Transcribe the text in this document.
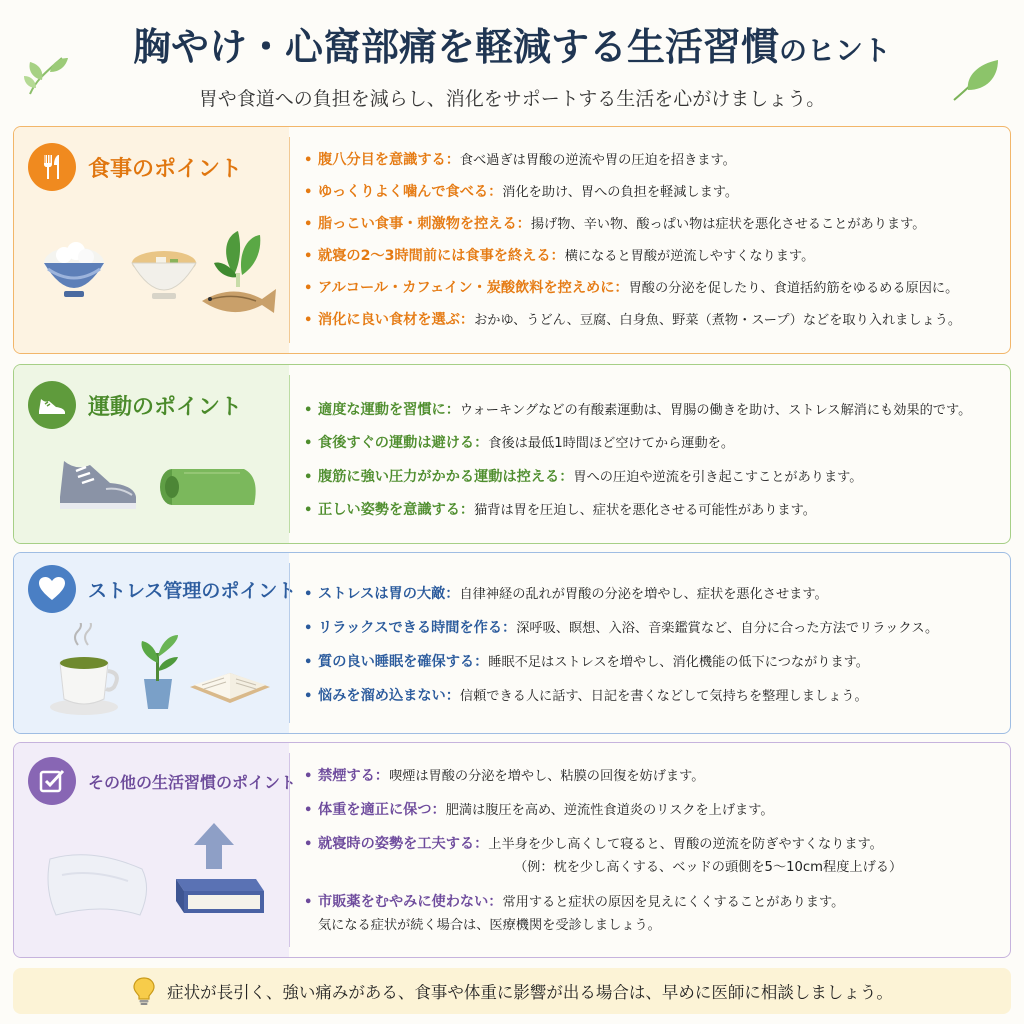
胸やけ・心窩部痛を軽減する生活習慣のヒント
胃や食道への負担を減らし、消化をサポートする生活を心がけましょう。
食事のポイント	• 腹八分目を意識する：食べ過ぎは胃酸の逆流や胃の圧迫を招きます。
• ゆっくりよく噛んで食べる：消化を助け、胃への負担を軽減します。
• 脂っこい食事・刺激物を控える：揚げ物、辛い物、酸っぱい物は症状を悪化させることがあります。
• 就寝の2〜3時間前には食事を終える：横になると胃酸が逆流しやすくなります。
• アルコール・カフェイン・炭酸飲料を控えめに：胃酸の分泌を促したり、食道括約筋をゆるめる原因に。
• 消化に良い食材を選ぶ：おかゆ、うどん、豆腐、白身魚、野菜（煮物・スープ）などを取り入れましょう。
運動のポイント	• 適度な運動を習慣に：ウォーキングなどの有酸素運動は、胃腸の働きを助け、ストレス解消にも効果的です。
• 食後すぐの運動は避ける：食後は最低1時間ほど空けてから運動を。
• 腹筋に強い圧力がかかる運動は控える：胃への圧迫や逆流を引き起こすことがあります。
• 正しい姿勢を意識する：猫背は胃を圧迫し、症状を悪化させる可能性があります。
ストレス管理のポイント • ストレスは胃の大敵：自律神経の乱れが胃酸の分泌を増やし、症状を悪化させます。
• リラックスできる時間を作る：深呼吸、瞑想、入浴、音楽鑑賞など、自分に合った方法でリラックス。
• 質の良い睡眠を確保する：睡眠不足はストレスを増やし、消化機能の低下につながります。
• 悩みを溜め込まない：信頼できる人に話す、日記を書くなどして気持ちを整理しましょう。
その他の生活習慣のポイント • 禁煙する：喫煙は胃酸の分泌を増やし、粘膜の回復を妨げます。
• 体重を適正に保つ：肥満は腹圧を高め、逆流性食道炎のリスクを上げます。
• 就寝時の姿勢を工夫する：上半身を少し高くして寝ると、胃酸の逆流を防ぎやすくなります。
（例：枕を少し高くする、ベッドの頭側を5〜10cm程度上げる）
• 市販薬をむやみに使わない：常用すると症状の原因を見えにくくすることがあります。
気になる症状が続く場合は、医療機関を受診しましょう。
症状が長引く、強い痛みがある、食事や体重に影響が出る場合は、早めに医師に相談しましょう。
